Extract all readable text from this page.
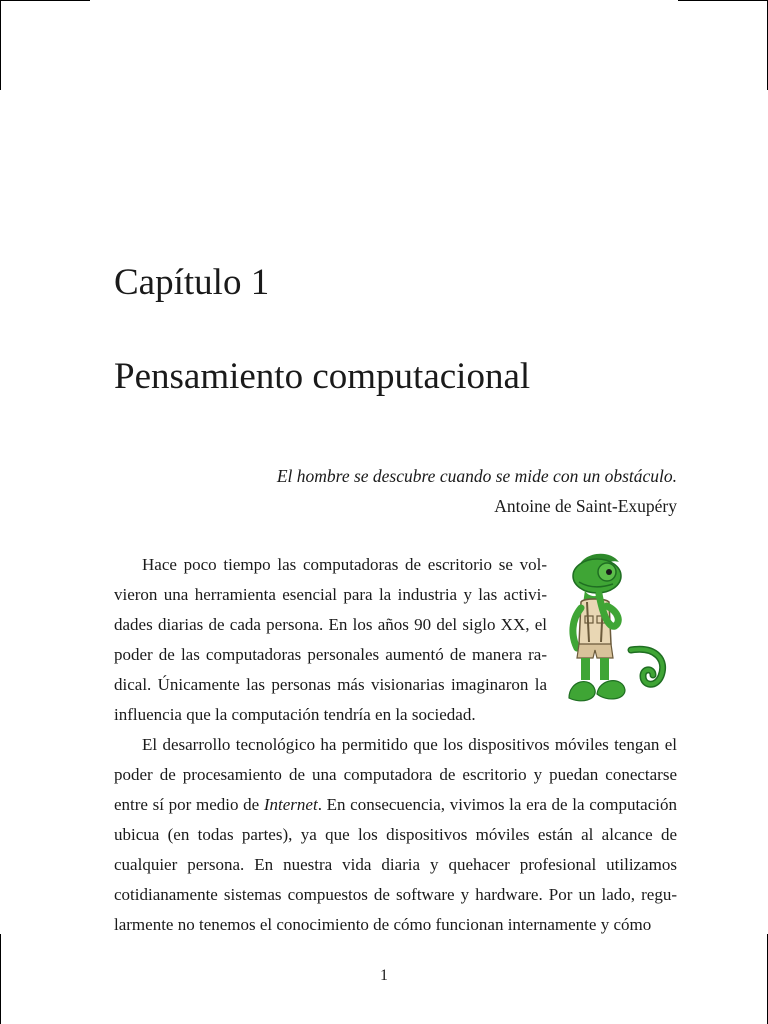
Capítulo 1
Pensamiento computacional
El hombre se descubre cuando se mide con un obstáculo.
Antoine de Saint-Exupéry

Hace poco tiempo las computadoras de escritorio se volvieron una herramienta esencial para la industria y las actividades diarias de cada persona. En los años 90 del siglo XX, el poder de las computadoras personales aumentó de manera radical. Únicamente las personas más visionarias imaginaron la influencia que la computación tendría en la sociedad.

El desarrollo tecnológico ha permitido que los dispositivos móviles tengan el poder de procesamiento de una computadora de escritorio y puedan conectarse entre sí por medio de Internet. En consecuencia, vivimos la era de la computación ubicua (en todas partes), ya que los dispositivos móviles están al alcance de cualquier persona. En nuestra vida diaria y quehacer profesional utilizamos cotidianamente sistemas compuestos de software y hardware. Por un lado, regularmente no tenemos el conocimiento de cómo funcionan internamente y cómo

1
